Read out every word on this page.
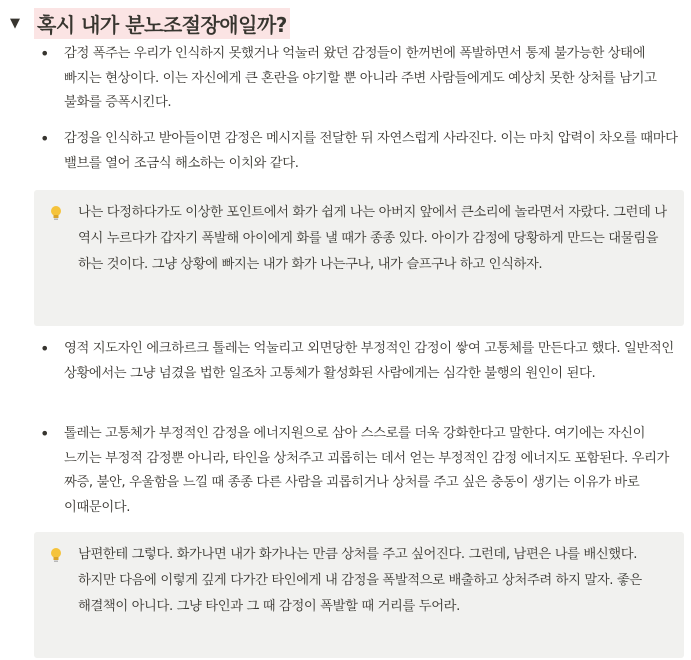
▼ 혹시 내가 분노조절장애일까?
•	감정 폭주는 우리가 인식하지 못했거나 억눌러 왔던 감정들이 한꺼번에 폭발하면서 통제 불가능한 상태에 빠지는 현상이다. 이는 자신에게 큰 혼란을 야기할 뿐 아니라 주변 사람들에게도 예상치 못한 상처를 남기고 불화를 증폭시킨다.
•	감정을 인식하고 받아들이면 감정은 메시지를 전달한 뒤 자연스럽게 사라진다. 이는 마치 압력이 차오를 때마다 밸브를 열어 조금식 해소하는 이치와 같다.
나는 다정하다가도 이상한 포인트에서 화가 쉽게 나는 아버지 앞에서 큰소리에 놀라면서 자랐다. 그런데 나 역시 누르다가 갑자기 폭발해 아이에게 화를 낼 때가 종종 있다. 아이가 감정에 당황하게 만드는 대물림을 하는 것이다. 그냥 상황에 빠지는 내가 화가 나는구나, 내가 슬프구나 하고 인식하자.
•	영적 지도자인 에크하르크 톨레는 억눌리고 외면당한 부정적인 감정이 쌓여 고통체를 만든다고 했다. 일반적인 상황에서는 그냥 넘겼을 법한 일조차 고통체가 활성화된 사람에게는 심각한 불행의 원인이 된다.
•	톨레는 고통체가 부정적인 감정을 에너지원으로 삼아 스스로를 더욱 강화한다고 말한다. 여기에는 자신이 느끼는 부정적 감정뿐 아니라, 타인을 상처주고 괴롭히는 데서 얻는 부정적인 감정 에너지도 포함된다. 우리가 짜증, 불안, 우울함을 느낄 때 종종 다른 사람을 괴롭히거나 상처를 주고 싶은 충동이 생기는 이유가 바로 이때문이다.
남편한테 그렇다. 화가나면 내가 화가나는 만큼 상처를 주고 싶어진다. 그런데, 남편은 나를 배신했다. 하지만 다음에 이렇게 깊게 다가간 타인에게 내 감정을 폭발적으로 배출하고 상처주려 하지 말자. 좋은 해결책이 아니다. 그냥 타인과 그 때 감정이 폭발할 때 거리를 두어라.
